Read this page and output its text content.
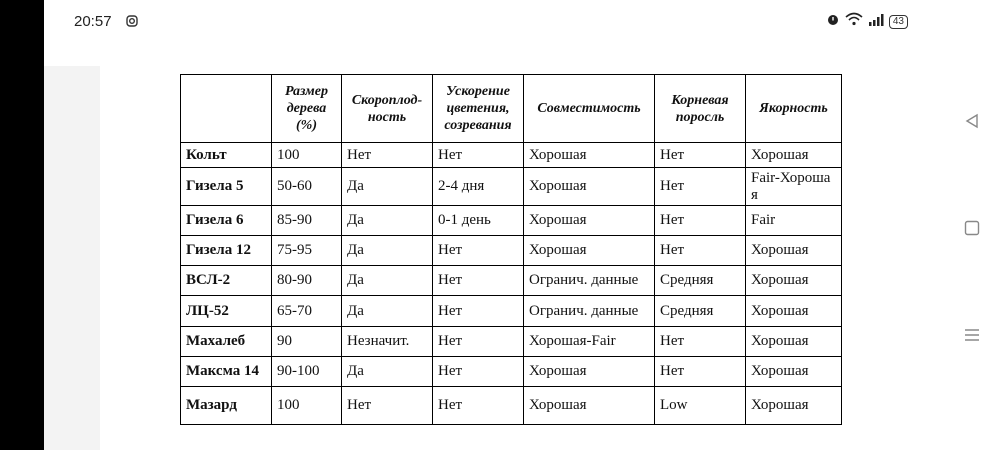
20:57	43
	Размер дерева (%)	Скороплод-ность	Ускорение цветения, созревания	Совместимость	Корневая поросль	Якорность
Кольт	100	Нет	Нет	Хорошая	Нет	Хорошая
Гизела 5	50-60	Да	2-4 дня	Хорошая	Нет	Fair-Хороша я
Гизела 6	85-90	Да	0-1 день	Хорошая	Нет	Fair
Гизела 12	75-95	Да	Нет	Хорошая	Нет	Хорошая
ВСЛ-2	80-90	Да	Нет	Огранич. данные	Средняя	Хорошая
ЛЦ-52	65-70	Да	Нет	Огранич. данные	Средняя	Хорошая
Махалеб	90	Незначит.	Нет	Хорошая-Fair	Нет	Хорошая
Максма 14	90-100	Да	Нет	Хорошая	Нет	Хорошая
Мазард	100	Нет	Нет	Хорошая	Low	Хорошая
